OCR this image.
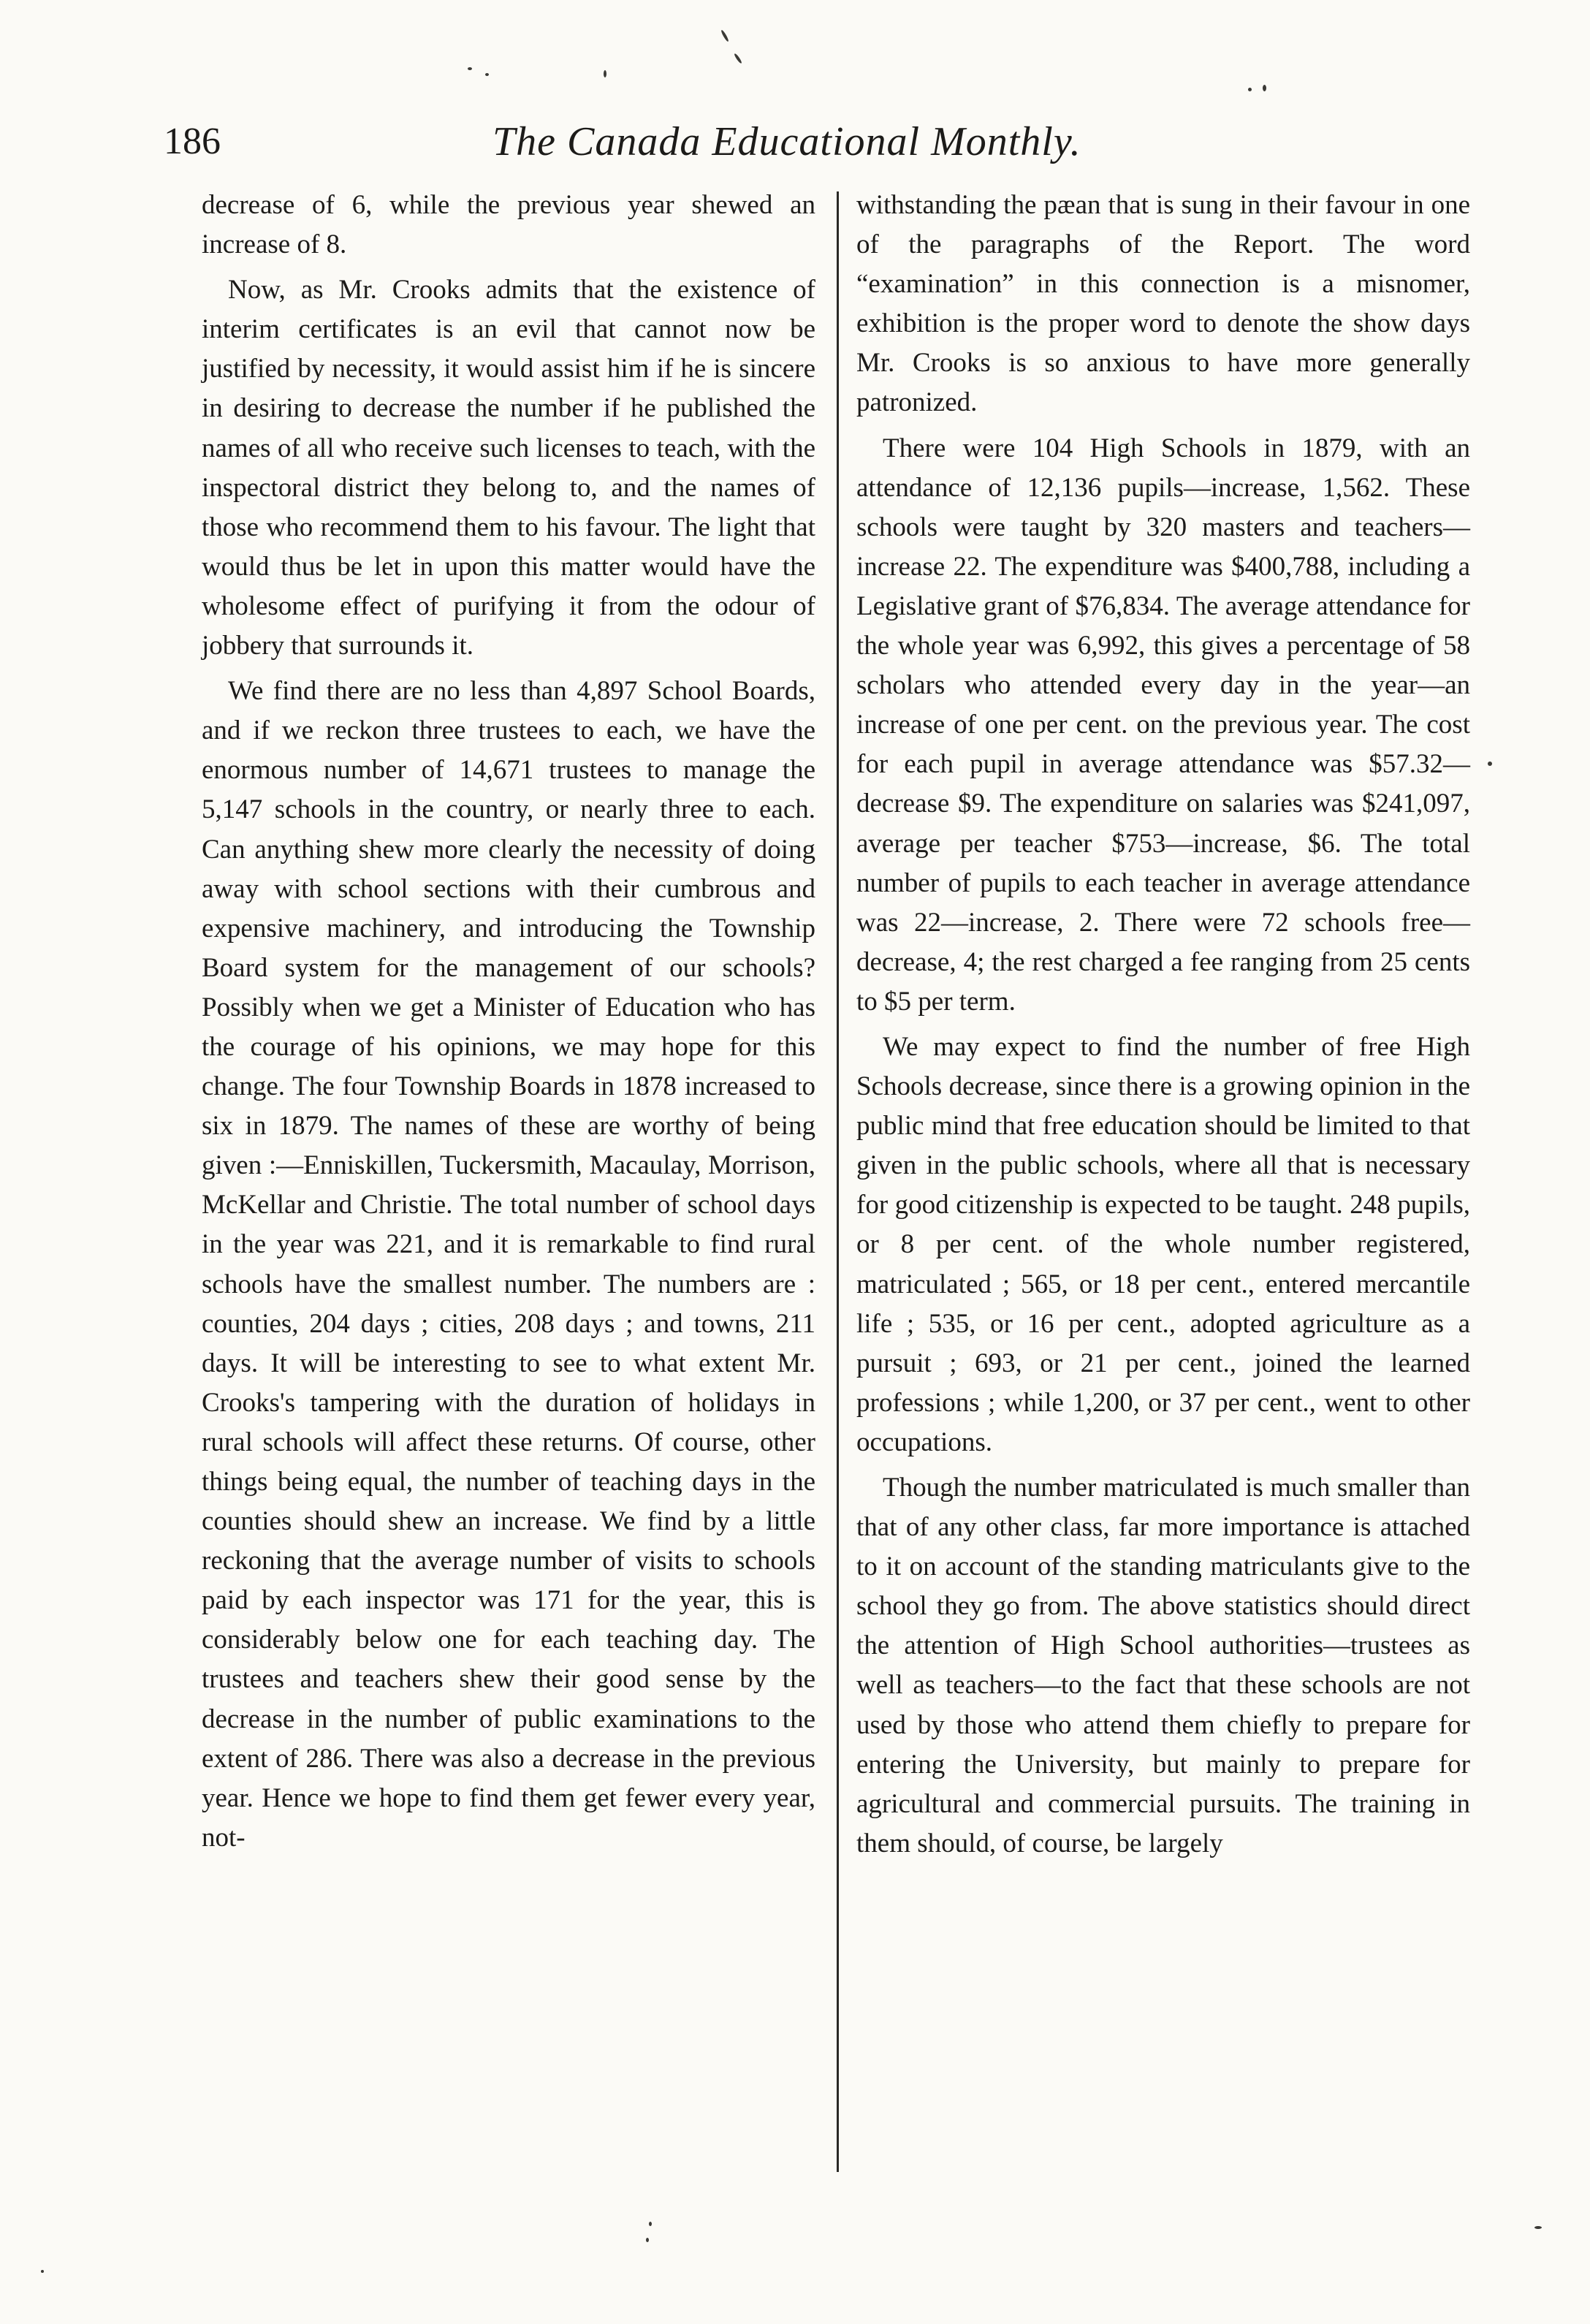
186	The Canada Educational Monthly.

decrease of 6, while the previous year shewed an increase of 8.

Now, as Mr. Crooks admits that the existence of interim certificates is an evil that cannot now be justified by necessity, it would assist him if he is sincere in desiring to decrease the number if he published the names of all who receive such licenses to teach, with the inspectoral district they belong to, and the names of those who recommend them to his favour. The light that would thus be let in upon this matter would have the wholesome effect of purifying it from the odour of jobbery that surrounds it.

We find there are no less than 4,897 School Boards, and if we reckon three trustees to each, we have the enormous number of 14,671 trustees to manage the 5,147 schools in the country, or nearly three to each. Can anything shew more clearly the necessity of doing away with school sections with their cumbrous and expensive machinery, and introducing the Township Board system for the management of our schools? Possibly when we get a Minister of Education who has the courage of his opinions, we may hope for this change. The four Township Boards in 1878 increased to six in 1879. The names of these are worthy of being given :—Enniskillen, Tuckersmith, Macaulay, Morrison, McKellar and Christie. The total number of school days in the year was 221, and it is remarkable to find rural schools have the smallest number. The numbers are : counties, 204 days ; cities, 208 days ; and towns, 211 days. It will be interesting to see to what extent Mr. Crooks's tampering with the duration of holidays in rural schools will affect these returns. Of course, other things being equal, the number of teaching days in the counties should shew an increase. We find by a little reckoning that the average number of visits to schools paid by each inspector was 171 for the year, this is considerably below one for each teaching day. The trustees and teachers shew their good sense by the decrease in the number of public examinations to the extent of 286. There was also a decrease in the previous year. Hence we hope to find them get fewer every year, not-

withstanding the pæan that is sung in their favour in one of the paragraphs of the Report. The word “examination” in this connection is a misnomer, exhibition is the proper word to denote the show days Mr. Crooks is so anxious to have more generally patronized.

There were 104 High Schools in 1879, with an attendance of 12,136 pupils—increase, 1,562. These schools were taught by 320 masters and teachers—increase 22. The expenditure was $400,788, including a Legislative grant of $76,834. The average attendance for the whole year was 6,992, this gives a percentage of 58 scholars who attended every day in the year—an increase of one per cent. on the previous year. The cost for each pupil in average attendance was $57.32—decrease $9. The expenditure on salaries was $241,097, average per teacher $753—increase, $6. The total number of pupils to each teacher in average attendance was 22—increase, 2. There were 72 schools free—decrease, 4; the rest charged a fee ranging from 25 cents to $5 per term.

We may expect to find the number of free High Schools decrease, since there is a growing opinion in the public mind that free education should be limited to that given in the public schools, where all that is necessary for good citizenship is expected to be taught. 248 pupils, or 8 per cent. of the whole number registered, matriculated ; 565, or 18 per cent., entered mercantile life ; 535, or 16 per cent., adopted agriculture as a pursuit ; 693, or 21 per cent., joined the learned professions ; while 1,200, or 37 per cent., went to other occupations.

Though the number matriculated is much smaller than that of any other class, far more importance is attached to it on account of the standing matriculants give to the school they go from. The above statistics should direct the attention of High School authorities—trustees as well as teachers—to the fact that these schools are not used by those who attend them chiefly to prepare for entering the University, but mainly to prepare for agricultural and commercial pursuits. The training in them should, of course, be largely
